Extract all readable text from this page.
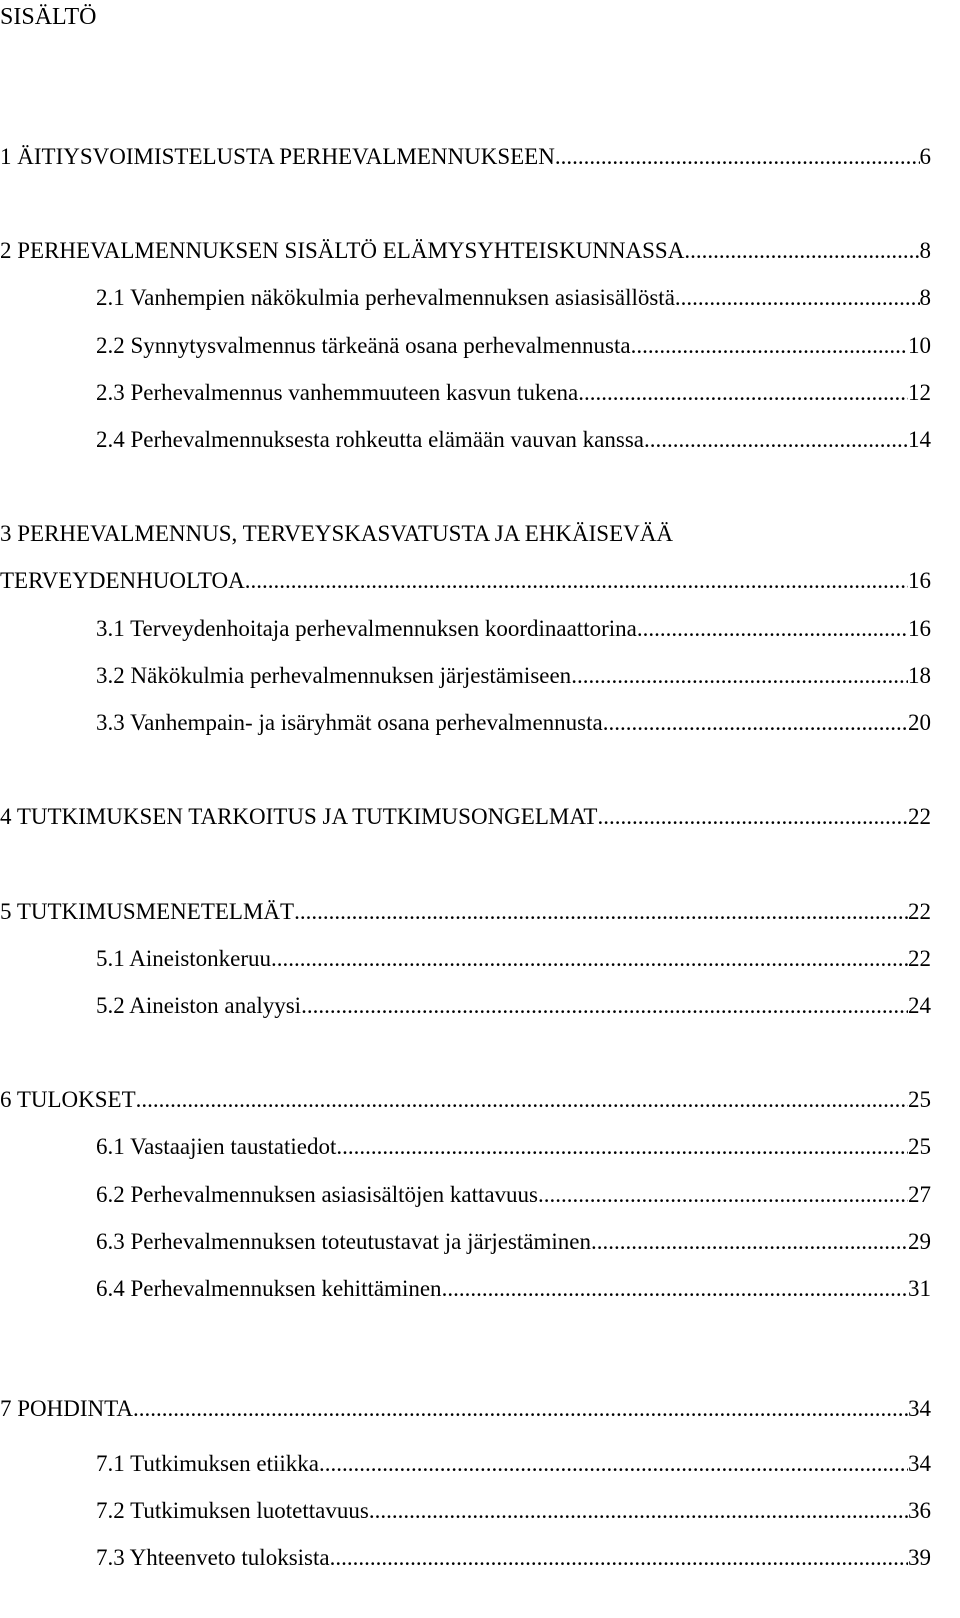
SISÄLTÖ
1 ÄITIYSVOIMISTELUSTA PERHEVALMENNUKSEEN .....	6
2 PERHEVALMENNUKSEN SISÄLTÖ ELÄMYSYHTEISKUNNASSA .....	8
2.1 Vanhempien näkökulmia perhevalmennuksen asiasisällöstä .....	8
2.2 Synnytysvalmennus tärkeänä osana perhevalmennusta .....	10
2.3 Perhevalmennus vanhemmuuteen kasvun tukena .....	12
2.4 Perhevalmennuksesta rohkeutta elämään vauvan kanssa .....	14
3 PERHEVALMENNUS, TERVEYSKASVATUSTA JA EHKÄISEVÄÄ
TERVEYDENHUOLTOA .....	16
3.1 Terveydenhoitaja perhevalmennuksen koordinaattorina .....	16
3.2 Näkökulmia perhevalmennuksen järjestämiseen .....	18
3.3 Vanhempain- ja isäryhmät osana perhevalmennusta .....	20
4 TUTKIMUKSEN TARKOITUS JA TUTKIMUSONGELMAT .....	22
5 TUTKIMUSMENETELMÄT .....	22
5.1 Aineistonkeruu .....	22
5.2 Aineiston analyysi .....	24
6 TULOKSET .....	25
6.1 Vastaajien taustatiedot .....	25
6.2 Perhevalmennuksen asiasisältöjen kattavuus .....	27
6.3 Perhevalmennuksen toteutustavat ja järjestäminen .....	29
6.4 Perhevalmennuksen kehittäminen .....	31
7 POHDINTA .....	34
7.1 Tutkimuksen etiikka .....	34
7.2 Tutkimuksen luotettavuus .....	36
7.3 Yhteenveto tuloksista .....	39
